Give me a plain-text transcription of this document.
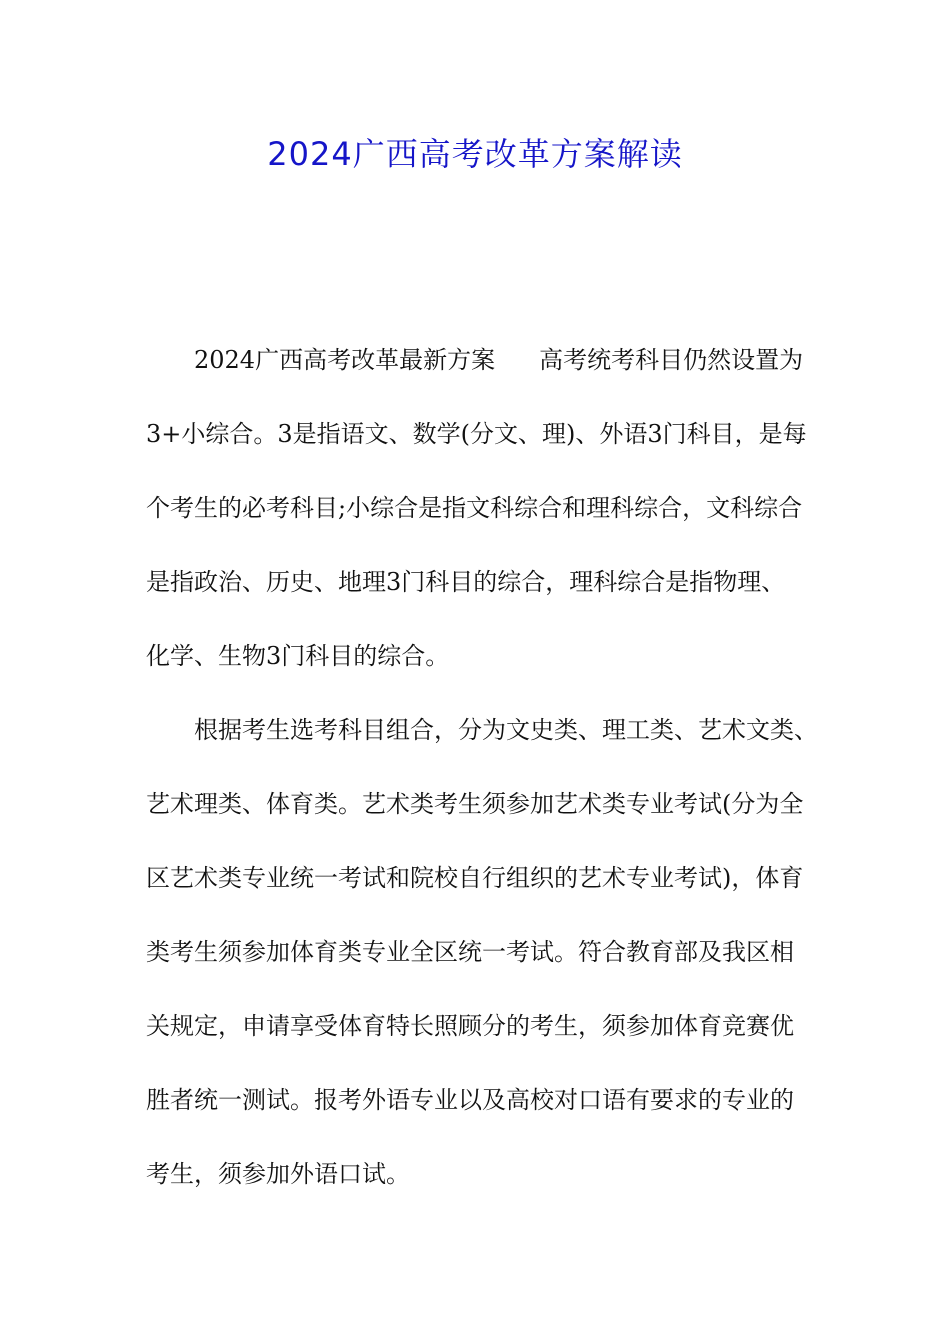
2024广西高考改革方案解读
2024广西高考改革最新方案 高考统考科目仍然设置为
3+小综合。3是指语文、数学(分文、理)、外语3门科目，是每
个考生的必考科目;小综合是指文科综合和理科综合，文科综合
是指政治、历史、地理3门科目的综合，理科综合是指物理、
化学、生物3门科目的综合。
根据考生选考科目组合，分为文史类、理工类、艺术文类、
艺术理类、体育类。艺术类考生须参加艺术类专业考试(分为全
区艺术类专业统一考试和院校自行组织的艺术专业考试)，体育
类考生须参加体育类专业全区统一考试。符合教育部及我区相
关规定，申请享受体育特长照顾分的考生，须参加体育竞赛优
胜者统一测试。报考外语专业以及高校对口语有要求的专业的
考生，须参加外语口试。
